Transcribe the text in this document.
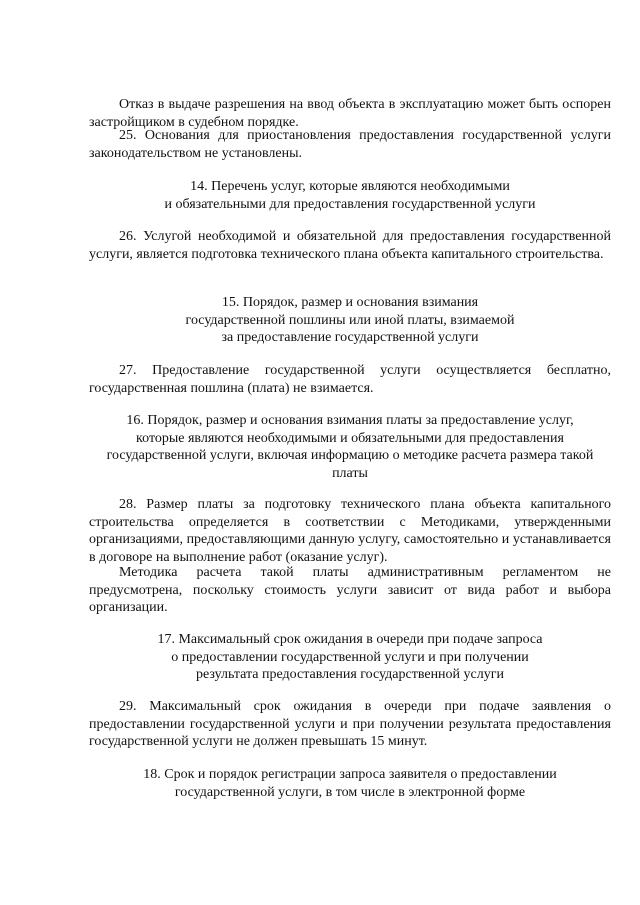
Отказ в выдаче разрешения на ввод объекта в эксплуатацию может быть оспорен застройщиком в судебном порядке.

25. Основания для приостановления предоставления государственной услуги законодательством не установлены.

14. Перечень услуг, которые являются необходимыми
и обязательными для предоставления государственной услуги

26. Услугой необходимой и обязательной для предоставления государственной услуги, является подготовка технического плана объекта капитального строительства.

15. Порядок, размер и основания взимания
государственной пошлины или иной платы, взимаемой
за предоставление государственной услуги

27. Предоставление государственной услуги осуществляется бесплатно, государственная пошлина (плата) не взимается.

16. Порядок, размер и основания взимания платы за предоставление услуг,
которые являются необходимыми и обязательными для предоставления
государственной услуги, включая информацию о методике расчета размера такой
платы

28. Размер платы за подготовку технического плана объекта капитального строительства определяется в соответствии с Методиками, утвержденными организациями, предоставляющими данную услугу, самостоятельно и устанавливается в договоре на выполнение работ (оказание услуг).

Методика расчета такой платы административным регламентом не предусмотрена, поскольку стоимость услуги зависит от вида работ и выбора организации.

17. Максимальный срок ожидания в очереди при подаче запроса
о предоставлении государственной услуги и при получении
результата предоставления государственной услуги

29. Максимальный срок ожидания в очереди при подаче заявления о предоставлении государственной услуги и при получении результата предоставления государственной услуги не должен превышать 15 минут.

18. Срок и порядок регистрации запроса заявителя о предоставлении
государственной услуги, в том числе в электронной форме
